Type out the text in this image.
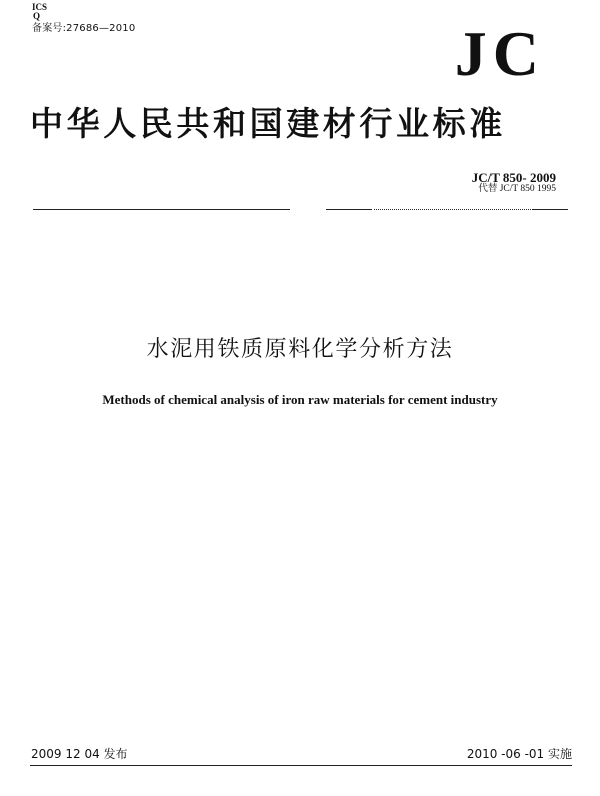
ICS
Q
备案号:27686—2010	JC
中华人民共和国建材行业标准
JC/T 850- 2009
代替 JC/T 850 1995
水泥用铁质原料化学分析方法
Methods of chemical analysis of iron raw materials for cement industry
2009 12 04 发布	2010 -06 -01 实施
